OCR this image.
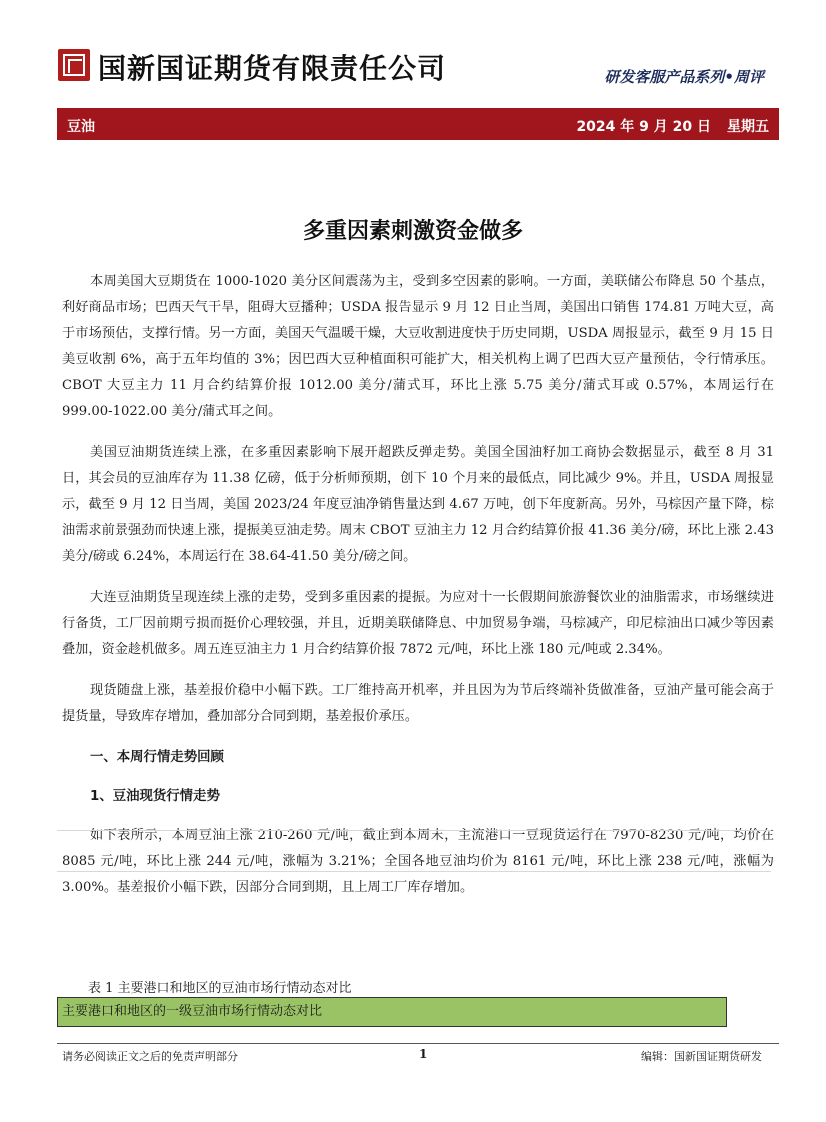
国新国证期货有限责任公司	研发客服产品系列•周评
豆油	2024 年 9 月 20 日 星期五
多重因素刺激资金做多

本周美国大豆期货在 1000-1020 美分区间震荡为主，受到多空因素的影响。一方面，美联储公布降息 50 个基点，利好商品市场；巴西天气干旱，阻碍大豆播种；USDA 报告显示 9 月 12 日止当周，美国出口销售 174.81 万吨大豆，高于市场预估，支撑行情。另一方面，美国天气温暖干燥，大豆收割进度快于历史同期，USDA 周报显示，截至 9 月 15 日美豆收割 6%，高于五年均值的 3%；因巴西大豆种植面积可能扩大，相关机构上调了巴西大豆产量预估，令行情承压。CBOT 大豆主力 11 月合约结算价报 1012.00 美分/蒲式耳，环比上涨 5.75 美分/蒲式耳或 0.57%，本周运行在 999.00-1022.00 美分/蒲式耳之间。

美国豆油期货连续上涨，在多重因素影响下展开超跌反弹走势。美国全国油籽加工商协会数据显示，截至 8 月 31 日，其会员的豆油库存为 11.38 亿磅，低于分析师预期，创下 10 个月来的最低点，同比减少 9%。并且，USDA 周报显示，截至 9 月 12 日当周，美国 2023/24 年度豆油净销售量达到 4.67 万吨，创下年度新高。另外，马棕因产量下降，棕油需求前景强劲而快速上涨，提振美豆油走势。周末 CBOT 豆油主力 12 月合约结算价报 41.36 美分/磅，环比上涨 2.43 美分/磅或 6.24%，本周运行在 38.64-41.50 美分/磅之间。

大连豆油期货呈现连续上涨的走势，受到多重因素的提振。为应对十一长假期间旅游餐饮业的油脂需求，市场继续进行备货，工厂因前期亏损而挺价心理较强，并且，近期美联储降息、中加贸易争端，马棕减产，印尼棕油出口减少等因素叠加，资金趁机做多。周五连豆油主力 1 月合约结算价报 7872 元/吨，环比上涨 180 元/吨或 2.34%。

现货随盘上涨，基差报价稳中小幅下跌。工厂维持高开机率，并且因为为节后终端补货做准备，豆油产量可能会高于提货量，导致库存增加，叠加部分合同到期，基差报价承压。

一、本周行情走势回顾
1、豆油现货行情走势

如下表所示，本周豆油上涨 210-260 元/吨，截止到本周末，主流港口一豆现货运行在 7970-8230 元/吨，均价在 8085 元/吨，环比上涨 244 元/吨，涨幅为 3.21%；全国各地豆油均价为 8161 元/吨，环比上涨 238 元/吨，涨幅为 3.00%。基差报价小幅下跌，因部分合同到期，且上周工厂库存增加。

表 1 主要港口和地区的豆油市场行情动态对比
主要港口和地区的一级豆油市场行情动态对比
请务必阅读正文之后的免责声明部分	1	编辑：国新国证期货研发
